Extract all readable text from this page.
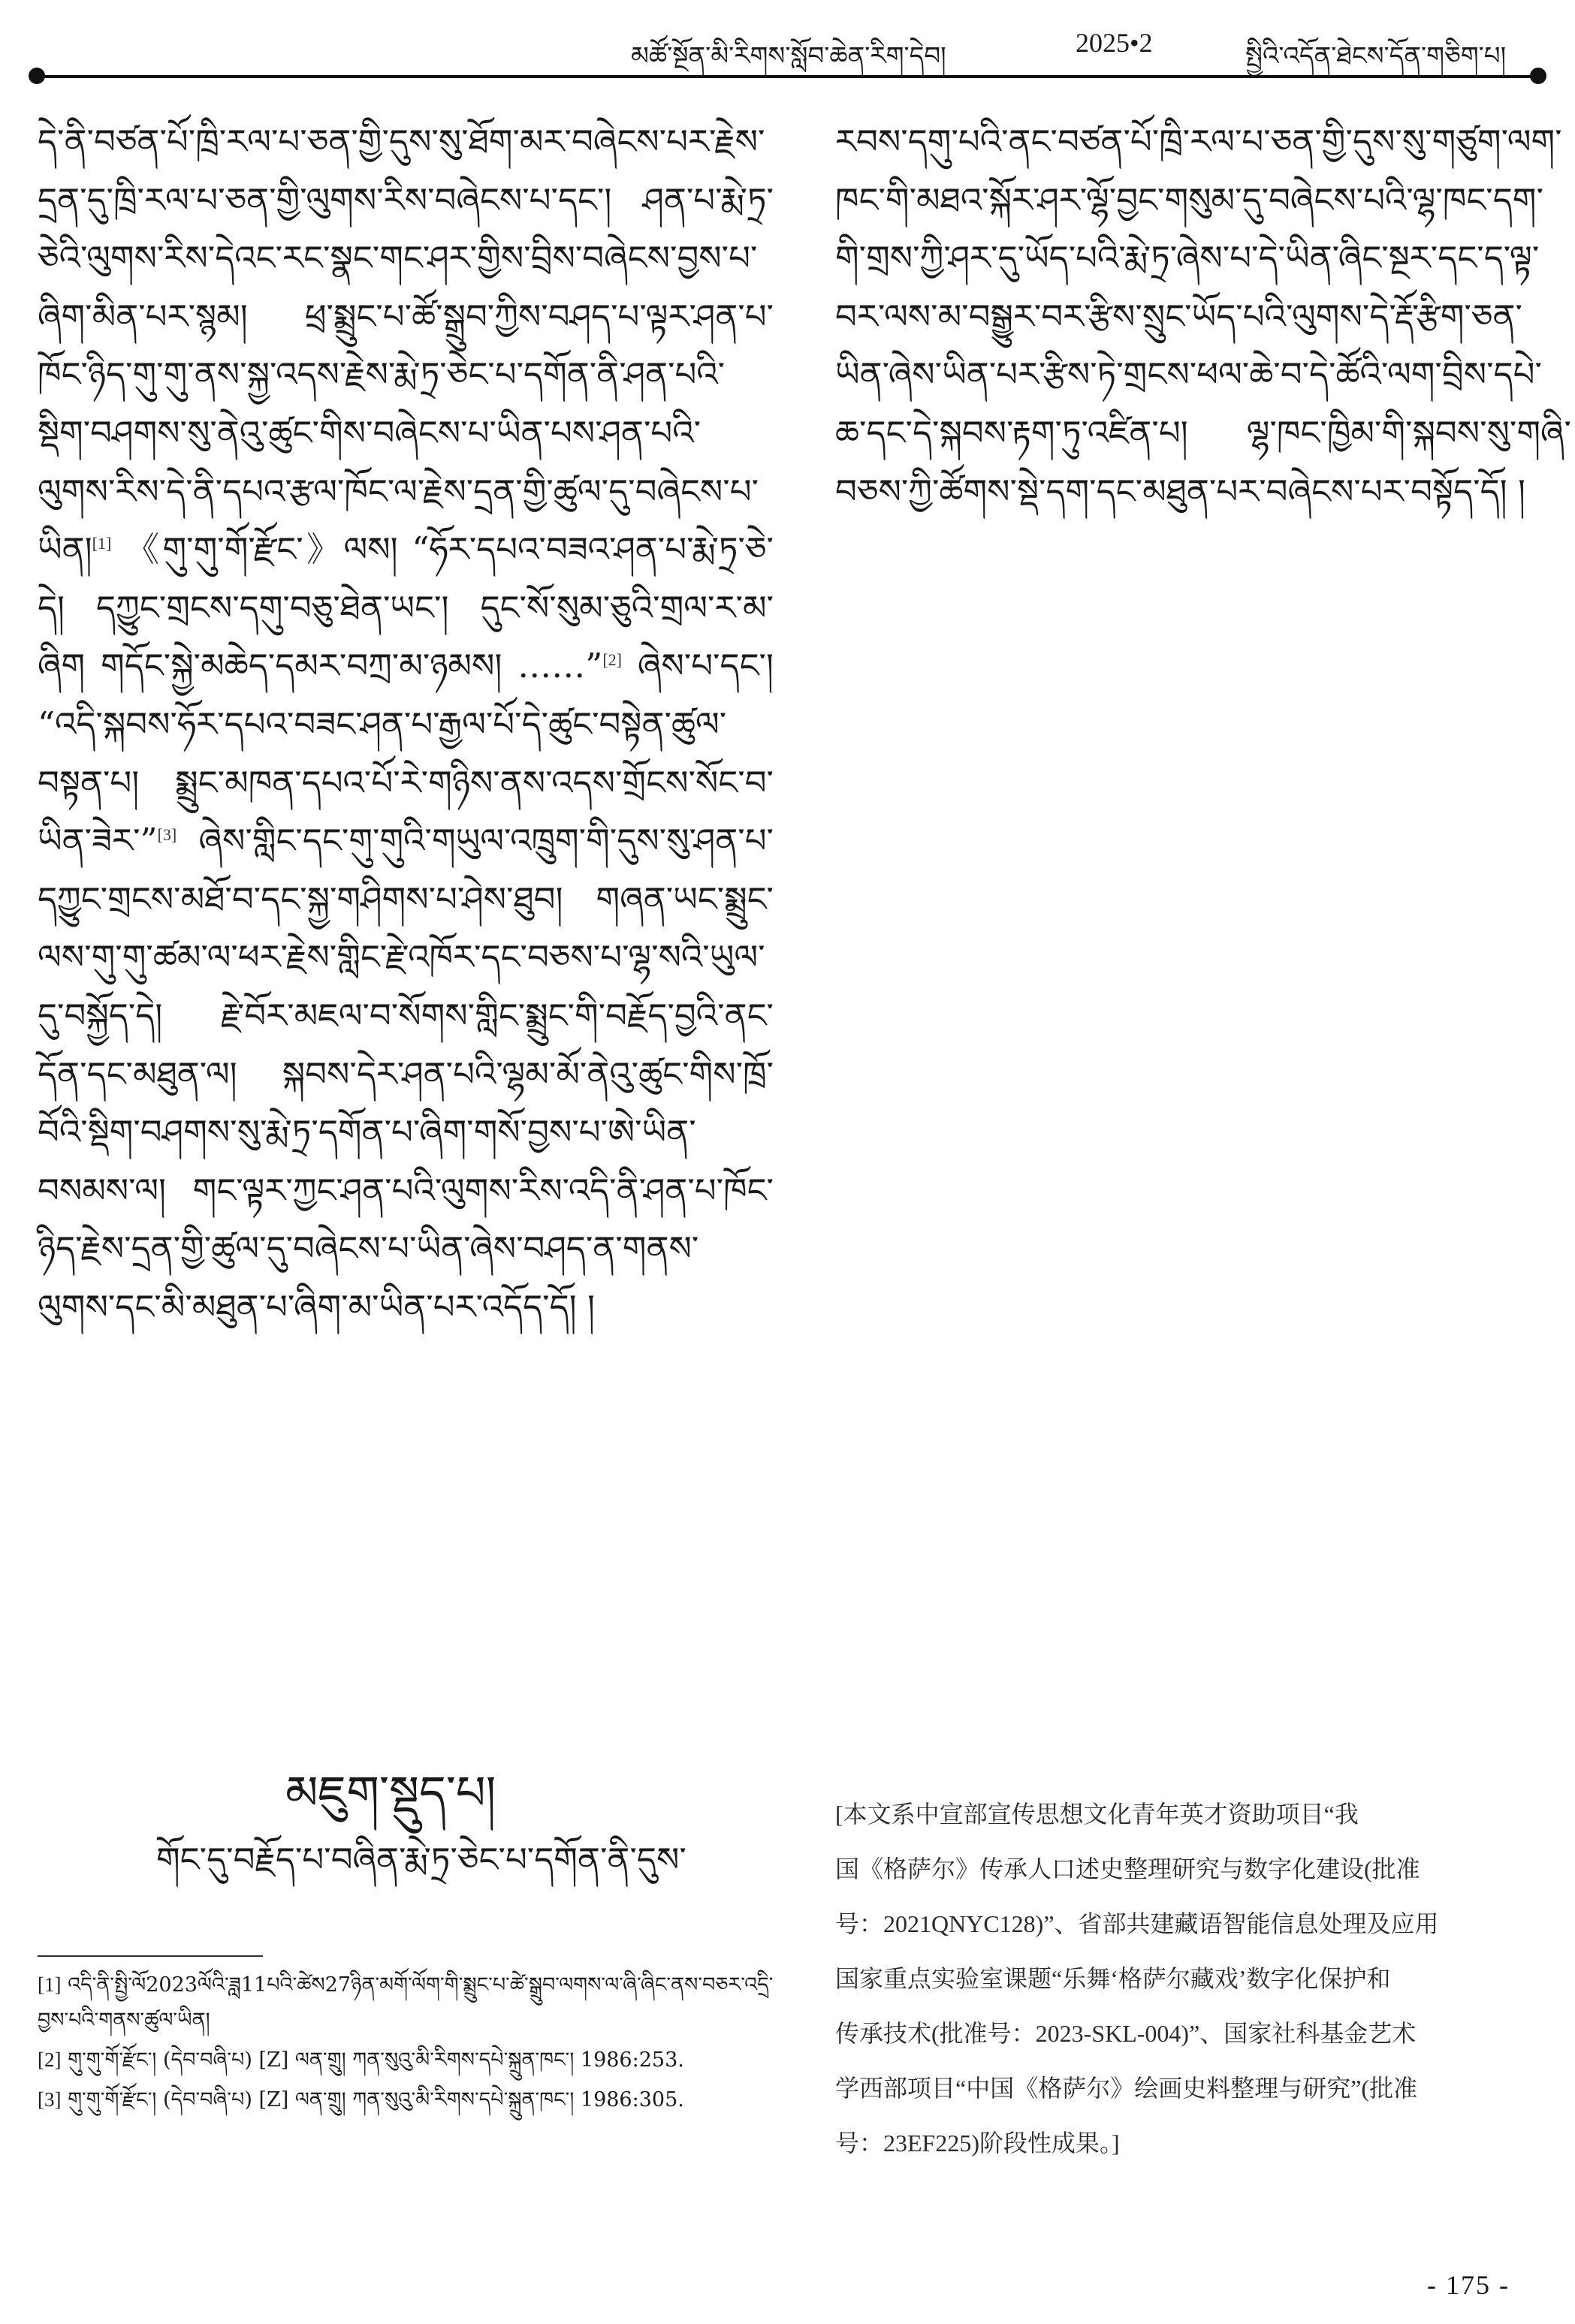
མཚོ་སྔོན་མི་རིགས་སློབ་ཆེན་རིག་དེབ།	2025•2	སྤྱིའི་འདོན་ཐེངས་དོན་གཅིག་པ།

དེ་ནི་བཙན་པོ་ཁྲི་རལ་པ་ཅན་གྱི་དུས་སུ་ཐོག་མར་བཞེངས་པར་རྗེས་དྲན་དུ་ཁྲི་རལ་པ་ཅན་གྱི་ལུགས་རིས་བཞེངས་པ་དང་། ཤན་པ་རྨེ་ཏྲ་ཅེའི་ལུགས་རིས་དེའང་རང་སྣང་གང་ཤར་གྱིས་བྲིས་བཞེངས་བྱས་པ་ཞིག་མིན་པར་སྙམ། ཕྲ་སྨྲུང་པ་ཚོ་སྒྲུབ་ཀྱིས་བཤད་པ་ལྟར་ཤན་པ་ཁོང་ཉིད་གུ་གུ་ནས་སྐྱ་འདས་རྗེས་རྨེ་ཏྲ་ཅེང་པ་དགོན་ནི་ཤན་པའི་སྡིག་བཤགས་སུ་ནེའུ་ཚུང་གིས་བཞེངས་པ་ཡིན་པས་ཤན་པའི་ལུགས་རིས་དེ་ནི་དཔའ་རྩལ་ཁོང་ལ་རྗེས་དྲན་གྱི་ཚུལ་དུ་བཞེངས་པ་ཡིན།[1] 《གུ་གུ་གོ་རྫོང་》ལས། “ཧོར་དཔའ་བཟའ་ཤན་པ་རྨེ་ཏྲ་ཅེ་དེ། དཀྱུང་གྲངས་དགུ་བཅུ་ཐེན་ཡང་། དུང་སོ་སུམ་ཅུའི་གྲལ་ར་མ་ཞིག གདོང་སྐྱེ་མཆེད་དམར་བཀྲ་མ་ཉམས། ……”[2] ཞེས་པ་དང་། “འདི་སྐབས་ཧོར་དཔའ་བཟང་ཤན་པ་རྒྱལ་པོ་དེ་ཚུང་བསྟེན་ཚུལ་བསྟན་པ། སྨྲུང་མཁན་དཔའ་པོ་རེ་གཉིས་ནས་འདས་གྲོངས་སོང་བ་ཡིན་ཟེར་”[3] ཞེས་གླིང་དང་གུ་གུའི་གཡུལ་འཁྲུག་གི་དུས་སུ་ཤན་པ་དཀྱུང་གྲངས་མཐོ་བ་དང་སྐྱ་གཤིགས་པ་ཤེས་ཐུབ། གཞན་ཡང་སྨྲུང་ལས་གུ་གུ་ཚམ་ལ་ཕར་རྗེས་གླིང་རྗེ་འཁོར་དང་བཅས་པ་ལྷ་སའི་ཡུལ་དུ་བསྐྱོད་དེ། རྗེ་བོར་མཇལ་བ་སོགས་གླིང་སྨྲུང་གི་བརྗོད་བྱའི་ནང་དོན་དང་མཐུན་ལ། སྐབས་དེར་ཤན་པའི་ལྷམ་མོ་ནེའུ་ཚུང་གིས་ཁྲོ་བོའི་སྡིག་བཤགས་སུ་རྨེ་ཏྲ་དགོན་པ་ཞིག་གསོ་བྱས་པ་ཨེ་ཡིན་བསམས་ལ། གང་ལྟར་ཀྱང་ཤན་པའི་ལུགས་རིས་འདི་ནི་ཤན་པ་ཁོང་ཉིད་རྗེས་དྲན་གྱི་ཚུལ་དུ་བཞེངས་པ་ཡིན་ཞེས་བཤད་ན་གནས་ལུགས་དང་མི་མཐུན་པ་ཞིག་མ་ཡིན་པར་འདོད་དོ། །

རབས་དགུ་པའི་ནང་བཙན་པོ་ཁྲི་རལ་པ་ཅན་གྱི་དུས་སུ་གཙུག་ལག་ཁང་གི་མཐའ་སྐོར་ཤར་ལྷོ་བྱང་གསུམ་དུ་བཞེངས་པའི་ལྷ་ཁང་དག་གི་གྲས་ཀྱི་ཤར་དུ་ཡོད་པའི་རྨེ་ཏྲ་ཞེས་པ་དེ་ཡིན་ཞིང་སྔར་དང་ད་ལྟ་བར་ལས་མ་བསྒྱུར་བར་རྩིས་སྲུང་ཡོད་པའི་ལུགས་དེ་རྡོ་རྩིག་ཅན་ཡིན་ཞེས་ཡིན་པར་རྩིས་ཏེ་གྲངས་ཕལ་ཆེ་བ་དེ་ཚོའི་ལག་བྲིས་དཔེ་ཆ་དང་དེ་སྐབས་རྟག་ཏུ་འཛིན་པ། ལྷ་ཁང་ཁྱིམ་གི་སྐབས་སུ་གཞི་བཅས་ཀྱི་ཚོགས་སྡེ་དག་དང་མཐུན་པར་བཞེངས་པར་བསྟོད་དོ། །

མཇུག་སྡུད་པ།
གོང་དུ་བརྗོད་པ་བཞིན་རྨེ་ཏྲ་ཅེང་པ་དགོན་ནི་དུས་

[1] འདི་ནི་སྤྱི་ལོ2023ལོའི་ཟླ11པའི་ཚེས27ཉིན་མགོ་ལོག་གི་སྨྲུང་པ་ཚེ་སྒྲུབ་ལགས་ལ་ཞི་ཞིང་ནས་བཅར་འདྲི་བྱས་པའི་གནས་ཚུལ་ཡིན།

[2] གུ་གུ་གོ་རྫོང་། (དེབ་བཞི་པ) [Z] ལན་གྲུ། ཀན་སུའུ་མི་རིགས་དཔེ་སྐྲུན་ཁང་། 1986:253.

[3] གུ་གུ་གོ་རྫོང་། (དེབ་བཞི་པ) [Z] ལན་གྲུ། ཀན་སུའུ་མི་རིགས་དཔེ་སྐྲུན་ཁང་། 1986:305.

[本文系中宣部宣传思想文化青年英才资助项目“我
国《格萨尔》传承人口述史整理研究与数字化建设(批准
号：2021QNYC128)”、省部共建藏语智能信息处理及应用
国家重点实验室课题“乐舞‘格萨尔藏戏’数字化保护和
传承技术(批准号：2023-SKL-004)”、国家社科基金艺术
学西部项目“中国《格萨尔》绘画史料整理与研究”(批准
号：23EF225)阶段性成果。]
- 175 -
